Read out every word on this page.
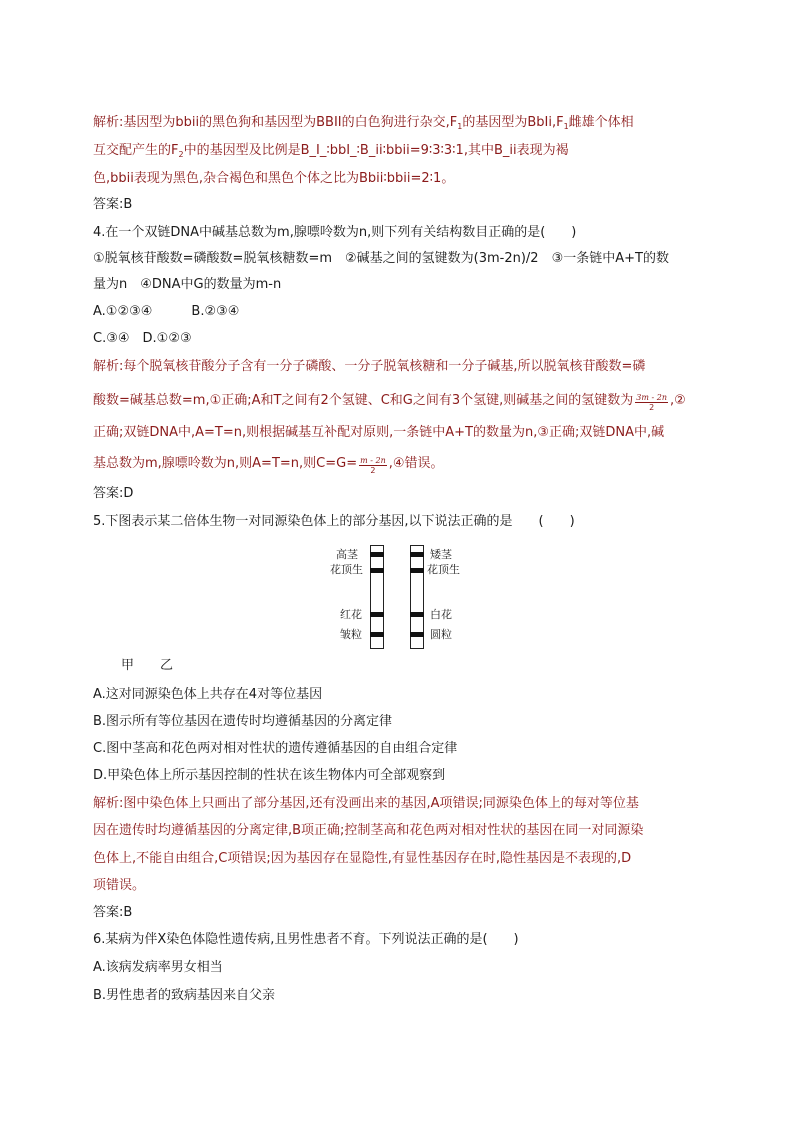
解析:基因型为bbii的黑色狗和基因型为BBII的白色狗进行杂交$,F_1$的基因型为$BbIi,F_1$雌雄个体相
互交配产生的$F_2$中的基因型及比例是B_I_∶bbI_∶B_ii∶bbii=9∶3∶3∶1,其中B_ii表现为褐
色,bbii表现为黑色,杂合褐色和黑色个体之比为Bbii∶bbii=2∶1。
答案:B
4.在一个双链DNA中碱基总数为m,腺嘌呤数为n,则下列有关结构数目正确的是(　　)
①脱氧核苷酸数=磷酸数=脱氧核糖数=m　②碱基之间的氢键数为(3m-2n)/2　③一条链中A+T的数
量为n　④DNA中G的数量为m-n
A.①②③④　　　B.②③④
C.③④　D.①②③
解析:每个脱氧核苷酸分子含有一分子磷酸、一分子脱氧核糖和一分子碱基,所以脱氧核苷酸数=磷
酸数=碱基总数=m,①正确;A和T之间有2个氢键、C和G之间有3个氢键,则碱基之间的氢键数为 $\frac{3m - 2n}{2}$ ,②
正确;双链DNA中,A=T=n,则根据碱基互补配对原则,一条链中A+T的数量为n,③正确;双链DNA中,碱
基总数为m,腺嘌呤数为n,则A=T=n,则$C=G= \frac{m - 2n}{2}$ ,④错误。
答案:D
5.下图表示某二倍体生物一对同源染色体上的部分基因,以下说法正确的是　　(　　)
高茎
花顶生
红花
皱粒
矮茎
花顶生
白花
圆粒
甲　　乙
A.这对同源染色体上共存在4对等位基因
B.图示所有等位基因在遗传时均遵循基因的分离定律
C.图中茎高和花色两对相对性状的遗传遵循基因的自由组合定律
D.甲染色体上所示基因控制的性状在该生物体内可全部观察到
解析:图中染色体上只画出了部分基因,还有没画出来的基因,A项错误;同源染色体上的每对等位基
因在遗传时均遵循基因的分离定律,B项正确;控制茎高和花色两对相对性状的基因在同一对同源染
色体上,不能自由组合,C项错误;因为基因存在显隐性,有显性基因存在时,隐性基因是不表现的,D
项错误。
答案:B
6.某病为伴X染色体隐性遗传病,且男性患者不育。下列说法正确的是(　　)
A.该病发病率男女相当
B.男性患者的致病基因来自父亲
